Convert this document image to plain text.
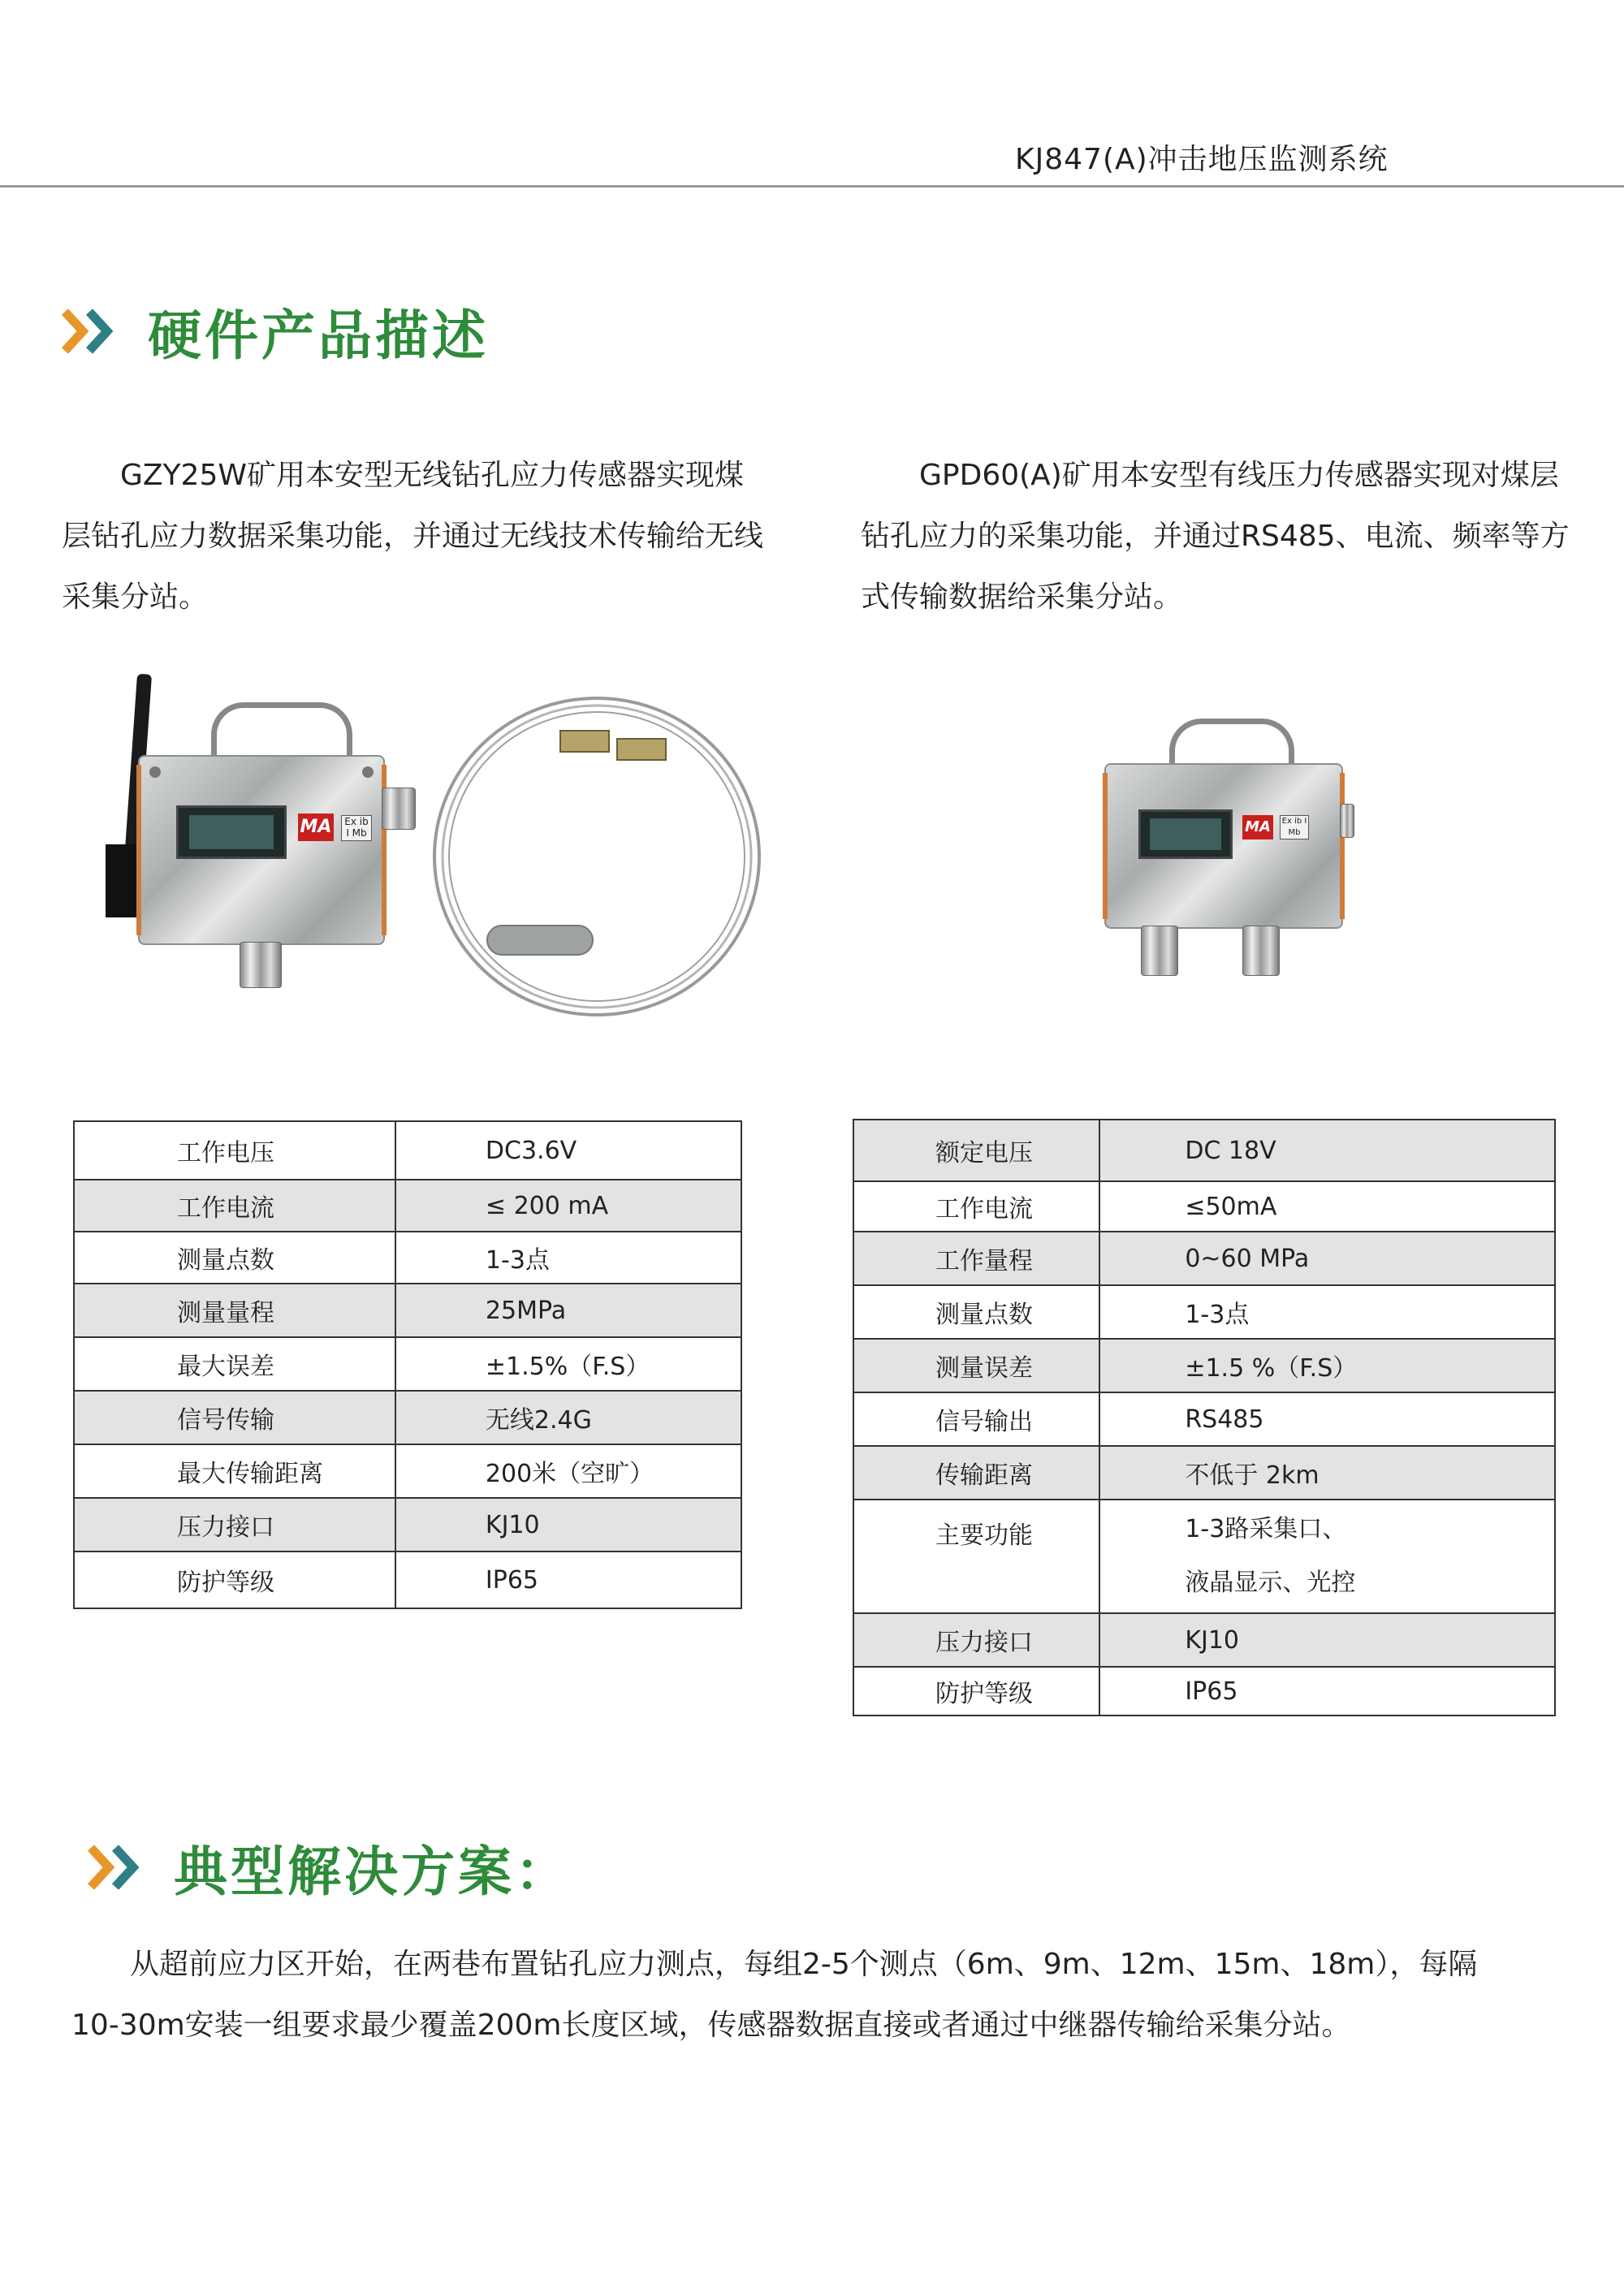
KJ847(A)冲击地压监测系统
硬件产品描述
GZY25W矿用本安型无线钻孔应力传感器实现煤层钻孔应力数据采集功能，并通过无线技术传输给无线采集分站。
GPD60(A)矿用本安型有线压力传感器实现对煤层钻孔应力的采集功能，并通过RS485、电流、频率等方式传输数据给采集分站。
MA	Ex ib I Mb	MA	Ex ib I Mb
工作电压	DC3.6V
工作电流	≤ 200 mA
测量点数	1-3点
测量量程	25MPa
最大误差	±1.5%（F.S）
信号传输	无线2.4G
最大传输距离	200米（空旷）
压力接口	KJ10
防护等级	IP65
额定电压	DC 18V
工作电流	≤50mA
工作量程	0~60 MPa
测量点数	1-3点
测量误差	±1.5 %（F.S）
信号输出	RS485
传输距离	不低于 2km
主要功能	1-3路采集口、
液晶显示、光控

压力接口	KJ10
防护等级	IP65
典型解决方案：
从超前应力区开始，在两巷布置钻孔应力测点，每组2-5个测点（6m、9m、12m、15m、18m），每隔10-30m安装一组要求最少覆盖200m长度区域，传感器数据直接或者通过中继器传输给采集分站。
